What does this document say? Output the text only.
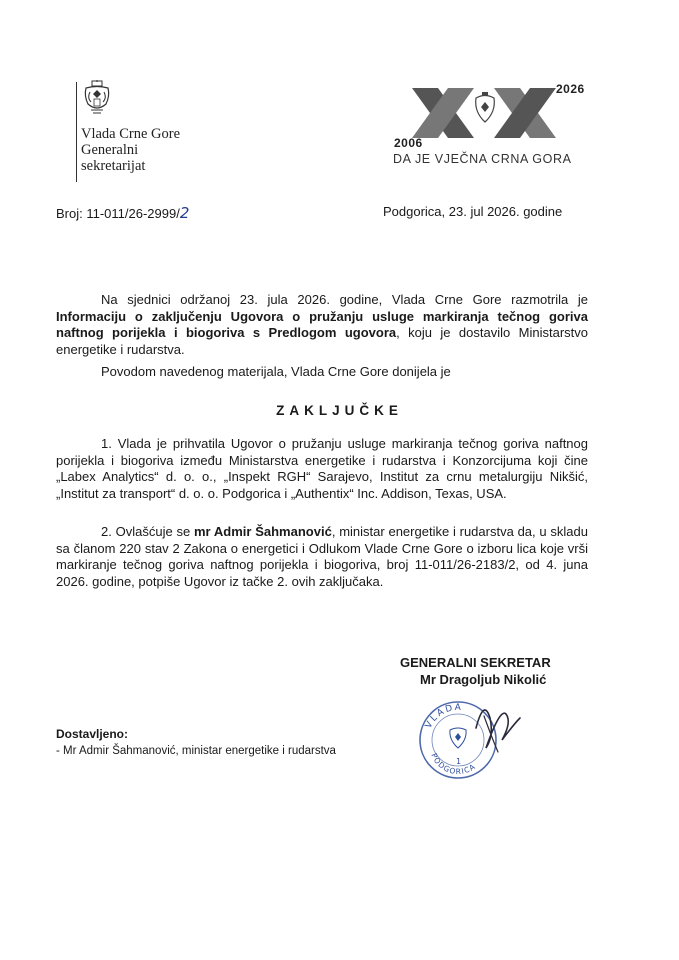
Vlada Crne Gore
Generalni
sekretarijat
2026
2006
DA JE VJEČNA CRNA GORA
Broj: 11-011/26-2999/2	Podgorica, 23. jul 2026. godine
Na sjednici održanoj 23. jula 2026. godine, Vlada Crne Gore razmotrila je Informaciju o zaključenju Ugovora o pružanju usluge markiranja tečnog goriva naftnog porijekla i biogoriva s Predlogom ugovora, koju je dostavilo Ministarstvo energetike i rudarstva.
Povodom navedenog materijala, Vlada Crne Gore donijela je
ZAKLJUČKE
1. Vlada je prihvatila Ugovor o pružanju usluge markiranja tečnog goriva naftnog porijekla i biogoriva između Ministarstva energetike i rudarstva i Konzorcijuma koji čine „Labex Analytics“ d. o. o., „Inspekt RGH“ Sarajevo, Institut za crnu metalurgiju Nikšić, „Institut za transport“ d. o. o. Podgorica i „Authentix“ Inc. Addison, Texas, USA.
2. Ovlašćuje se mr Admir Šahmanović, ministar energetike i rudarstva da, u skladu sa članom 220 stav 2 Zakona o energetici i Odlukom Vlade Crne Gore o izboru lica koje vrši markiranje tečnog goriva naftnog porijekla i biogoriva, broj 11-011/26-2183/2, od 4. juna 2026. godine, potpiše Ugovor iz tačke 2. ovih zaključaka.
GENERALNI SEKRETAR
Mr Dragoljub Nikolić
VLADA
PODGORICA
1
Dostavljeno:
- Mr Admir Šahmanović, ministar energetike i rudarstva
